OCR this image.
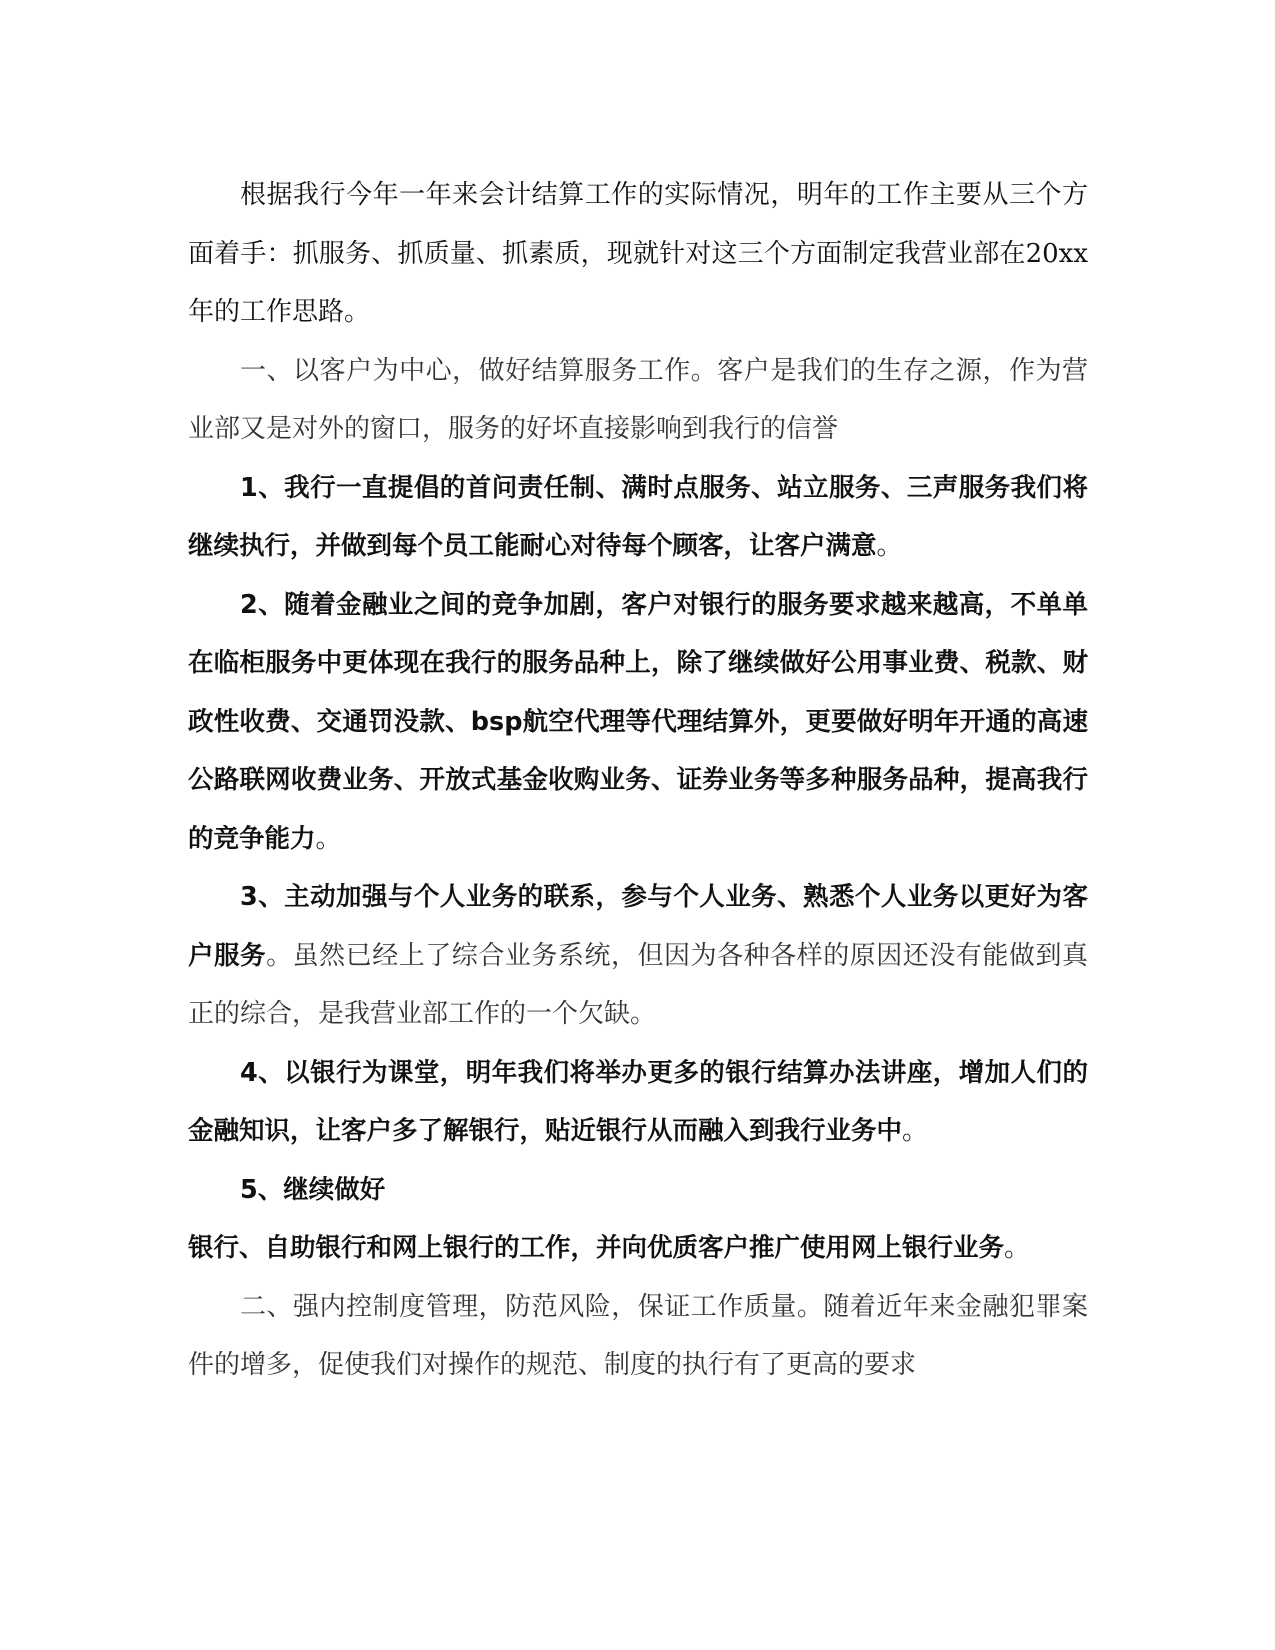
根据我行今年一年来会计结算工作的实际情况，明年的工作主要从三个方面着手：抓服务、抓质量、抓素质，现就针对这三个方面制定我营业部在20xx年的工作思路。

一、以客户为中心，做好结算服务工作。客户是我们的生存之源，作为营业部又是对外的窗口，服务的好坏直接影响到我行的信誉

1、我行一直提倡的首问责任制、满时点服务、站立服务、三声服务我们将继续执行，并做到每个员工能耐心对待每个顾客，让客户满意。

2、随着金融业之间的竞争加剧，客户对银行的服务要求越来越高，不单单在临柜服务中更体现在我行的服务品种上，除了继续做好公用事业费、税款、财政性收费、交通罚没款、bsp航空代理等代理结算外，更要做好明年开通的高速公路联网收费业务、开放式基金收购业务、证券业务等多种服务品种，提高我行的竞争能力。

3、主动加强与个人业务的联系，参与个人业务、熟悉个人业务以更好为客户服务。虽然已经上了综合业务系统，但因为各种各样的原因还没有能做到真正的综合，是我营业部工作的一个欠缺。

4、以银行为课堂，明年我们将举办更多的银行结算办法讲座，增加人们的金融知识，让客户多了解银行，贴近银行从而融入到我行业务中。

5、继续做好

银行、自助银行和网上银行的工作，并向优质客户推广使用网上银行业务。

二、强内控制度管理，防范风险，保证工作质量。随着近年来金融犯罪案件的增多，促使我们对操作的规范、制度的执行有了更高的要求
